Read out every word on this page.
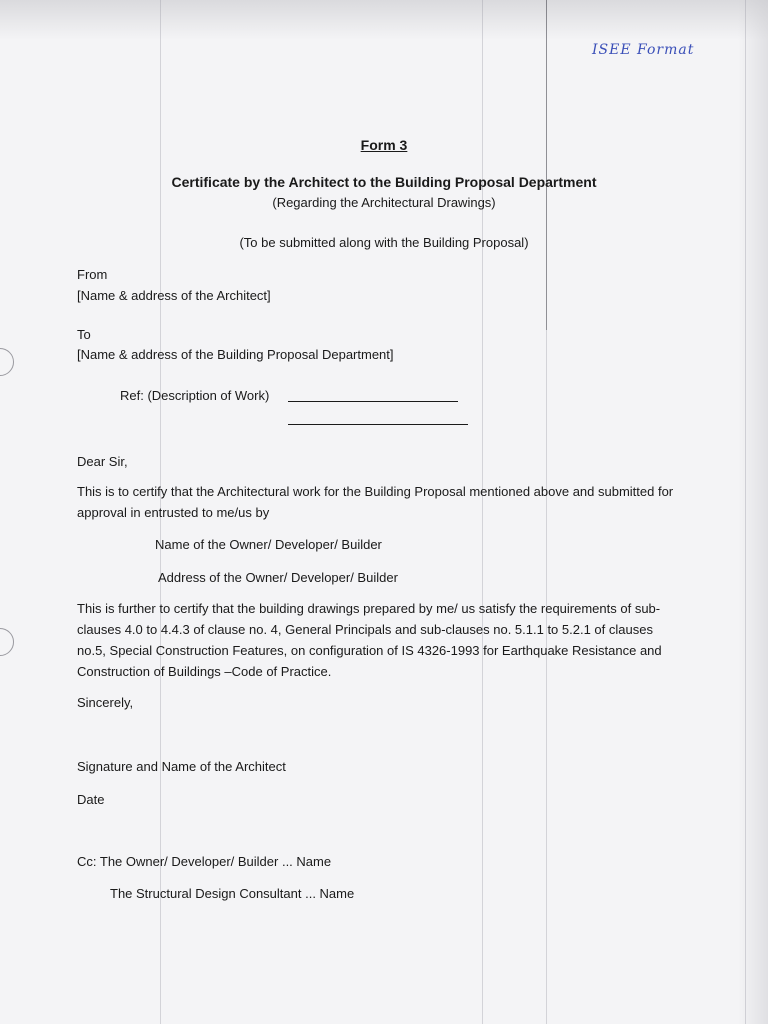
ISEE Format
Form 3
Certificate by the Architect to the Building Proposal Department
(Regarding the Architectural Drawings)
(To be submitted along with the Building Proposal)
From
[Name & address of the Architect]
To
[Name & address of the Building Proposal Department]
Ref: (Description of Work)
Dear Sir,
This is to certify that the Architectural work for the Building Proposal mentioned above and submitted for approval in entrusted to me/us by
Name of the Owner/ Developer/ Builder
Address of the Owner/ Developer/ Builder
This is further to certify that the building drawings prepared by me/ us satisfy the requirements of sub-clauses 4.0 to 4.4.3 of clause no. 4, General Principals and sub-clauses no. 5.1.1 to 5.2.1 of clauses no.5, Special Construction Features, on configuration of IS 4326-1993 for Earthquake Resistance and Construction of Buildings –Code of Practice.
Sincerely,
Signature and Name of the Architect
Date
Cc: The Owner/ Developer/ Builder ... Name
The Structural Design Consultant ... Name
